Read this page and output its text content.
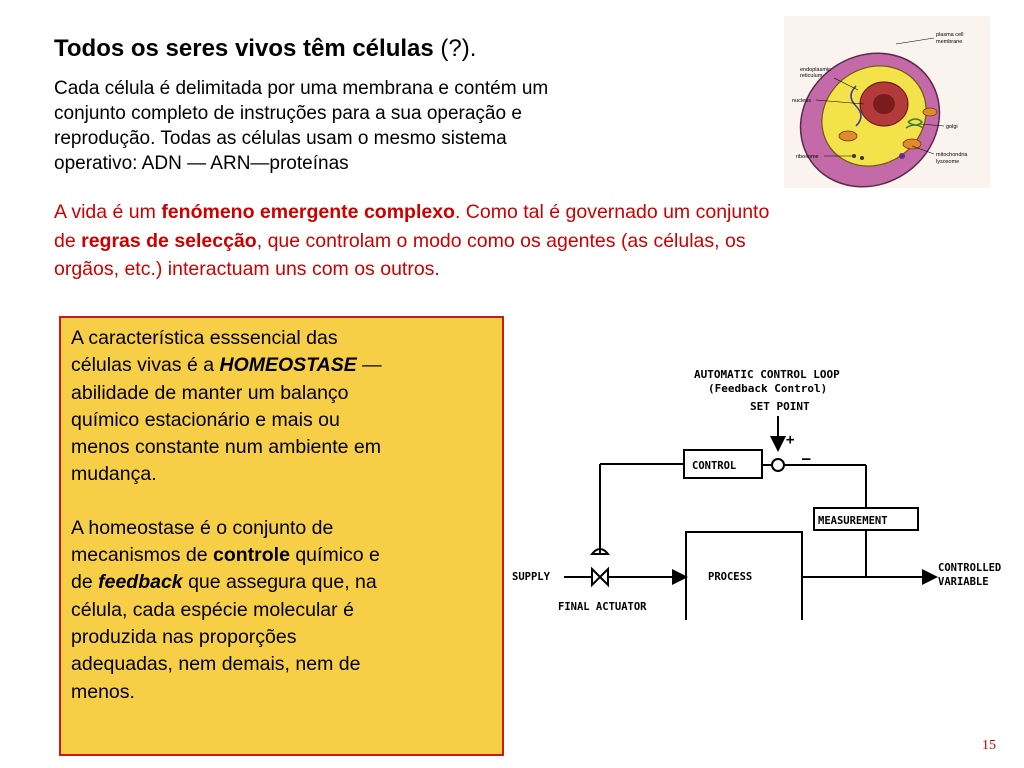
Todos os seres vivos têm células (?).
Cada célula é delimitada por uma membrana e contém um
conjunto completo de instruções para a sua operação e
reprodução. Todas as células usam o mesmo sistema
operativo: ADN — ARN—proteínas
A vida é um fenómeno emergente complexo. Como tal é governado um conjunto
de regras de selecção, que controlam o modo como os agentes (as células, os
orgãos, etc.) interactuam uns com os outros.
A característica esssencial das
células vivas é a HOMEOSTASE —
abilidade de manter um balanço
químico estacionário e mais ou
menos constante num ambiente em
mudança.
A homeostase é o conjunto de
mecanismos de controle químico e
de feedback que assegura que, na
célula, cada espécie molecular é
produzida nas proporções
adequadas, nem demais, nem de
menos.
plasma cell
membrane
endoplasmic
reticulum
nucleus
golgi
mitochondria
ribosome
lysosome
AUTOMATIC CONTROL LOOP
(Feedback Control)
SET POINT
CONTROL
MEASUREMENT
PROCESS
SUPPLY
FINAL ACTUATOR
CONTROLLED
VARIABLE
+
–
15
